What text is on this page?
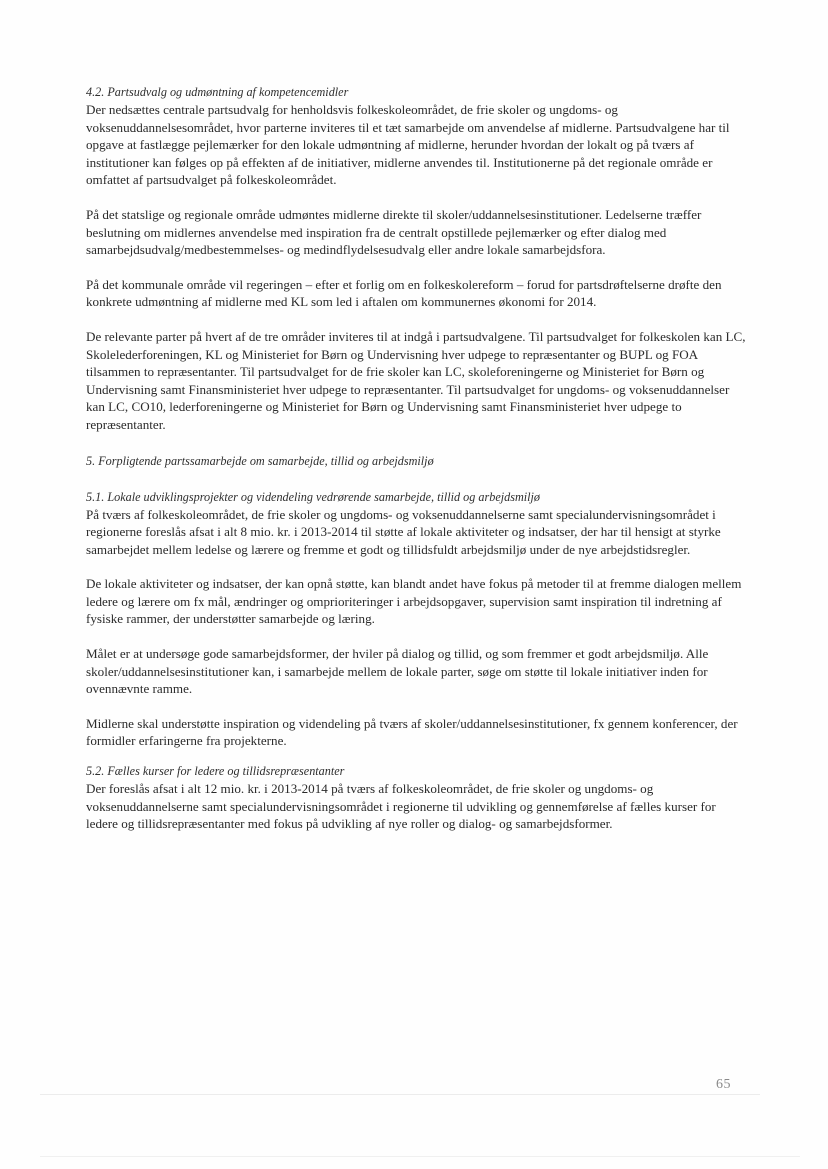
4.2. Partsudvalg og udmøntning af kompetencemidler

Der nedsættes centrale partsudvalg for henholdsvis folkeskoleområdet, de frie skoler og ungdoms- og voksenuddannelsesområdet, hvor parterne inviteres til et tæt samarbejde om anvendelse af midlerne. Partsudvalgene har til opgave at fastlægge pejlemærker for den lokale udmøntning af midlerne, herunder hvordan der lokalt og på tværs af institutioner kan følges op på effekten af de initiativer, midlerne anvendes til. Institutionerne på det regionale område er omfattet af partsudvalget på folkeskoleområdet.

På det statslige og regionale område udmøntes midlerne direkte til skoler/uddannelsesinstitutioner. Ledelserne træffer beslutning om midlernes anvendelse med inspiration fra de centralt opstillede pejlemærker og efter dialog med samarbejdsudvalg/medbestemmelses- og medindflydelsesudvalg eller andre lokale samarbejdsfora.

På det kommunale område vil regeringen – efter et forlig om en folkeskolereform – forud for partsdrøftelserne drøfte den konkrete udmøntning af midlerne med KL som led i aftalen om kommunernes økonomi for 2014.

De relevante parter på hvert af de tre områder inviteres til at indgå i partsudvalgene. Til partsudvalget for folkeskolen kan LC, Skolelederforeningen, KL og Ministeriet for Børn og Undervisning hver udpege to repræsentanter og BUPL og FOA tilsammen to repræsentanter. Til partsudvalget for de frie skoler kan LC, skoleforeningerne og Ministeriet for Børn og Undervisning samt Finansministeriet hver udpege to repræsentanter. Til partsudvalget for ungdoms- og voksenuddannelser kan LC, CO10, lederforeningerne og Ministeriet for Børn og Undervisning samt Finansministeriet hver udpege to repræsentanter.

5. Forpligtende partssamarbejde om samarbejde, tillid og arbejdsmiljø

5.1. Lokale udviklingsprojekter og videndeling vedrørende samarbejde, tillid og arbejdsmiljø

På tværs af folkeskoleområdet, de frie skoler og ungdoms- og voksenuddannelserne samt specialundervisningsområdet i regionerne foreslås afsat i alt 8 mio. kr. i 2013-2014 til støtte af lokale aktiviteter og indsatser, der har til hensigt at styrke samarbejdet mellem ledelse og lærere og fremme et godt og tillidsfuldt arbejdsmiljø under de nye arbejdstidsregler.

De lokale aktiviteter og indsatser, der kan opnå støtte, kan blandt andet have fokus på metoder til at fremme dialogen mellem ledere og lærere om fx mål, ændringer og omprioriteringer i arbejdsopgaver, supervision samt inspiration til indretning af fysiske rammer, der understøtter samarbejde og læring.

Målet er at undersøge gode samarbejdsformer, der hviler på dialog og tillid, og som fremmer et godt arbejdsmiljø. Alle skoler/uddannelsesinstitutioner kan, i samarbejde mellem de lokale parter, søge om støtte til lokale initiativer inden for ovennævnte ramme.

Midlerne skal understøtte inspiration og videndeling på tværs af skoler/uddannelsesinstitutioner, fx gennem konferencer, der formidler erfaringerne fra projekterne.

5.2. Fælles kurser for ledere og tillidsrepræsentanter

Der foreslås afsat i alt 12 mio. kr. i 2013-2014 på tværs af folkeskoleområdet, de frie skoler og ungdoms- og voksenuddannelserne samt specialundervisningsområdet i regionerne til udvikling og gennemførelse af fælles kurser for ledere og tillidsrepræsentanter med fokus på udvikling af nye roller og dialog- og samarbejdsformer.

65
